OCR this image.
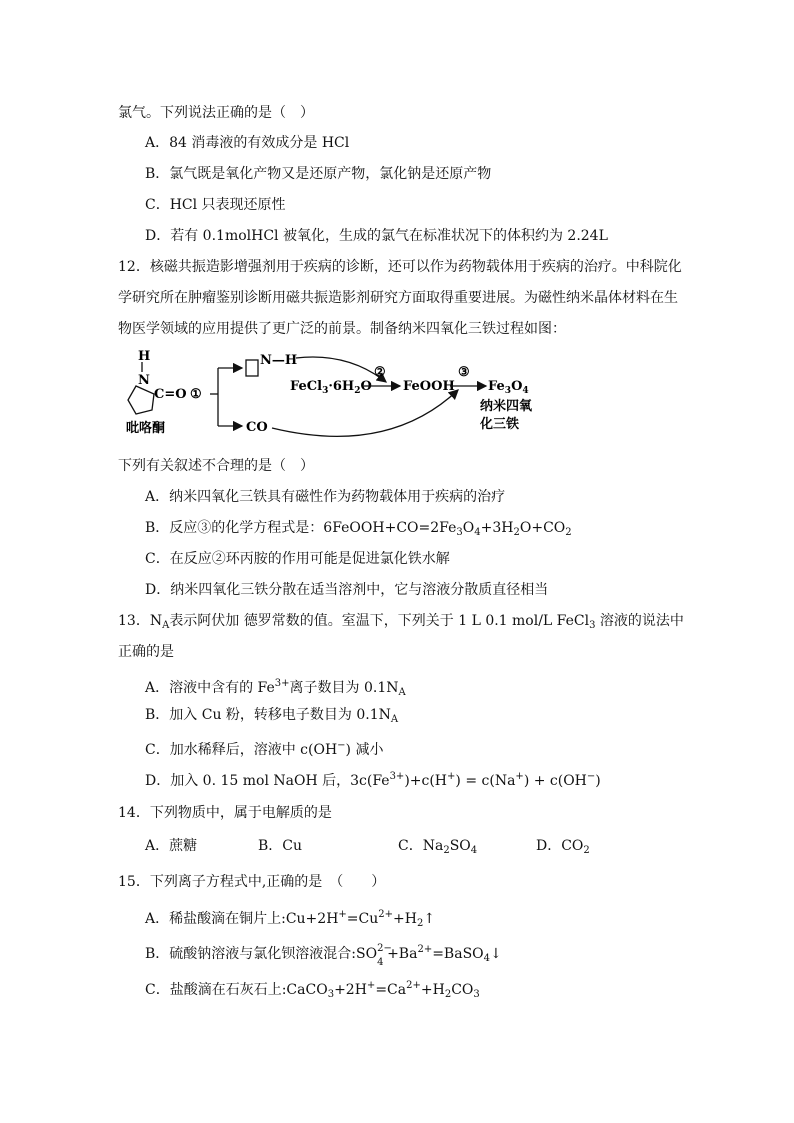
氯气。下列说法正确的是（　）
A．84 消毒液的有效成分是 HCl
B．氯气既是氧化产物又是还原产物，氯化钠是还原产物
C．HCl 只表现还原性
D．若有 0.1molHCl 被氧化，生成的氯气在标准状况下的体积约为 2.24L
12．核磁共振造影增强剂用于疾病的诊断，还可以作为药物载体用于疾病的治疗。中科院化
学研究所在肿瘤鉴别诊断用磁共振造影剂研究方面取得重要进展。为磁性纳米晶体材料在生
物医学领域的应用提供了更广泛的前景。制备纳米四氧化三铁过程如图：
H
N
C=O
吡咯酮
①
N—H
$FeCl_3\cdot 6H_2O$
②
FeOOH
③
$Fe_3O_4$
纳米四氧
化三铁
CO
下列有关叙述不合理的是（　）
A．纳米四氧化三铁具有磁性作为药物载体用于疾病的治疗
B．反应③的化学方程式是：$6FeOOH+CO=2Fe_3O_4+3H_2O+CO_2$
C．在反应②环丙胺的作用可能是促进氯化铁水解
D．纳米四氧化三铁分散在适当溶剂中，它与溶液分散质直径相当
13．$N_A$表示阿伏加 德罗常数的值。室温下，下列关于 1 L 0.1 mol/L FeCl$_3$ 溶液的说法中
正确的是
A．溶液中含有的 $Fe^{3+}$离子数目为 $0.1N_A$
B．加入 Cu 粉，转移电子数目为 $0.1N_A$
C．加水稀释后，溶液中 c(OH−) 减小
D．加入 0. 15 mol NaOH 后，$3c(Fe^{3+})+c(H^+) = c(Na^+) + c(OH^-)$
14．下列物质中，属于电解质的是
A．蔗糖	B．Cu	C．$Na_2SO_4$	D．$CO_2$
15．下列离子方程式中,正确的是　（　　）
A．稀盐酸滴在铜片上$:Cu+2H^+=Cu^{2+}+H_2↑$
B．硫酸钠溶液与氯化钡溶液混合:SO 2−
4
$+Ba^{2+}=BaSO_4↓$
C．盐酸滴在石灰石上$:CaCO_3+2H^+=Ca^{2+}+H_2CO_3$
